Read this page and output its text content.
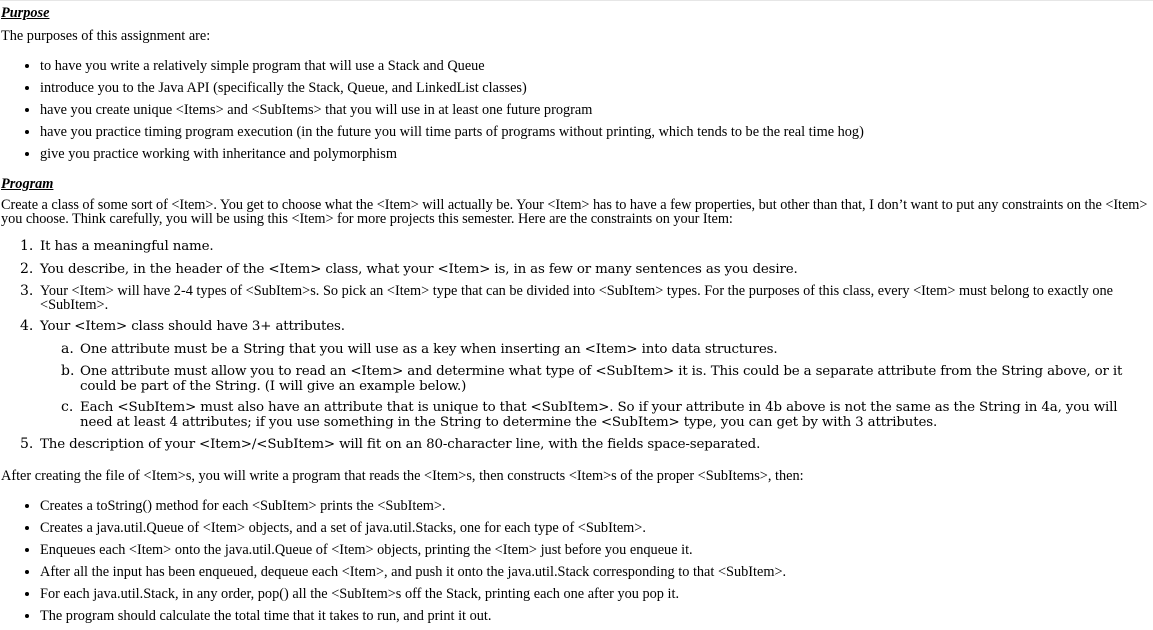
Purpose

The purposes of this assignment are:

• to have you write a relatively simple program that will use a Stack and Queue
• introduce you to the Java API (specifically the Stack, Queue, and LinkedList classes)
• have you create unique <Items> and <SubItems> that you will use in at least one future program
• have you practice timing program execution (in the future you will time parts of programs without printing, which tends to be the real time hog)
• give you practice working with inheritance and polymorphism

Program

Create a class of some sort of <Item>. You get to choose what the <Item> will actually be. Your <Item> has to have a few properties, but other than that, I don’t want to put any constraints on the <Item> you choose. Think carefully, you will be using this <Item> for more projects this semester. Here are the constraints on your Item:

1. It has a meaningful name.
2. You describe, in the header of the <Item> class, what your <Item> is, in as few or many sentences as you desire.
3. Your <Item> will have 2-4 types of <SubItem>s. So pick an <Item> type that can be divided into <SubItem> types. For the purposes of this class, every <Item> must belong to exactly one <SubItem>.
4. Your <Item> class should have 3+ attributes.
a. One attribute must be a String that you will use as a key when inserting an <Item> into data structures.
b. One attribute must allow you to read an <Item> and determine what type of <SubItem> it is. This could be a separate attribute from the String above, or it could be part of the String. (I will give an example below.)
c. Each <SubItem> must also have an attribute that is unique to that <SubItem>. So if your attribute in 4b above is not the same as the String in 4a, you will need at least 4 attributes; if you use something in the String to determine the <SubItem> type, you can get by with 3 attributes.
5. The description of your <Item>/<SubItem> will fit on an 80-character line, with the fields space-separated.

After creating the file of <Item>s, you will write a program that reads the <Item>s, then constructs <Item>s of the proper <SubItems>, then:

• Creates a toString() method for each <SubItem> prints the <SubItem>.
• Creates a java.util.Queue of <Item> objects, and a set of java.util.Stacks, one for each type of <SubItem>.
• Enqueues each <Item> onto the java.util.Queue of <Item> objects, printing the <Item> just before you enqueue it.
• After all the input has been enqueued, dequeue each <Item>, and push it onto the java.util.Stack corresponding to that <SubItem>.
• For each java.util.Stack, in any order, pop() all the <SubItem>s off the Stack, printing each one after you pop it.
• The program should calculate the total time that it takes to run, and print it out.
